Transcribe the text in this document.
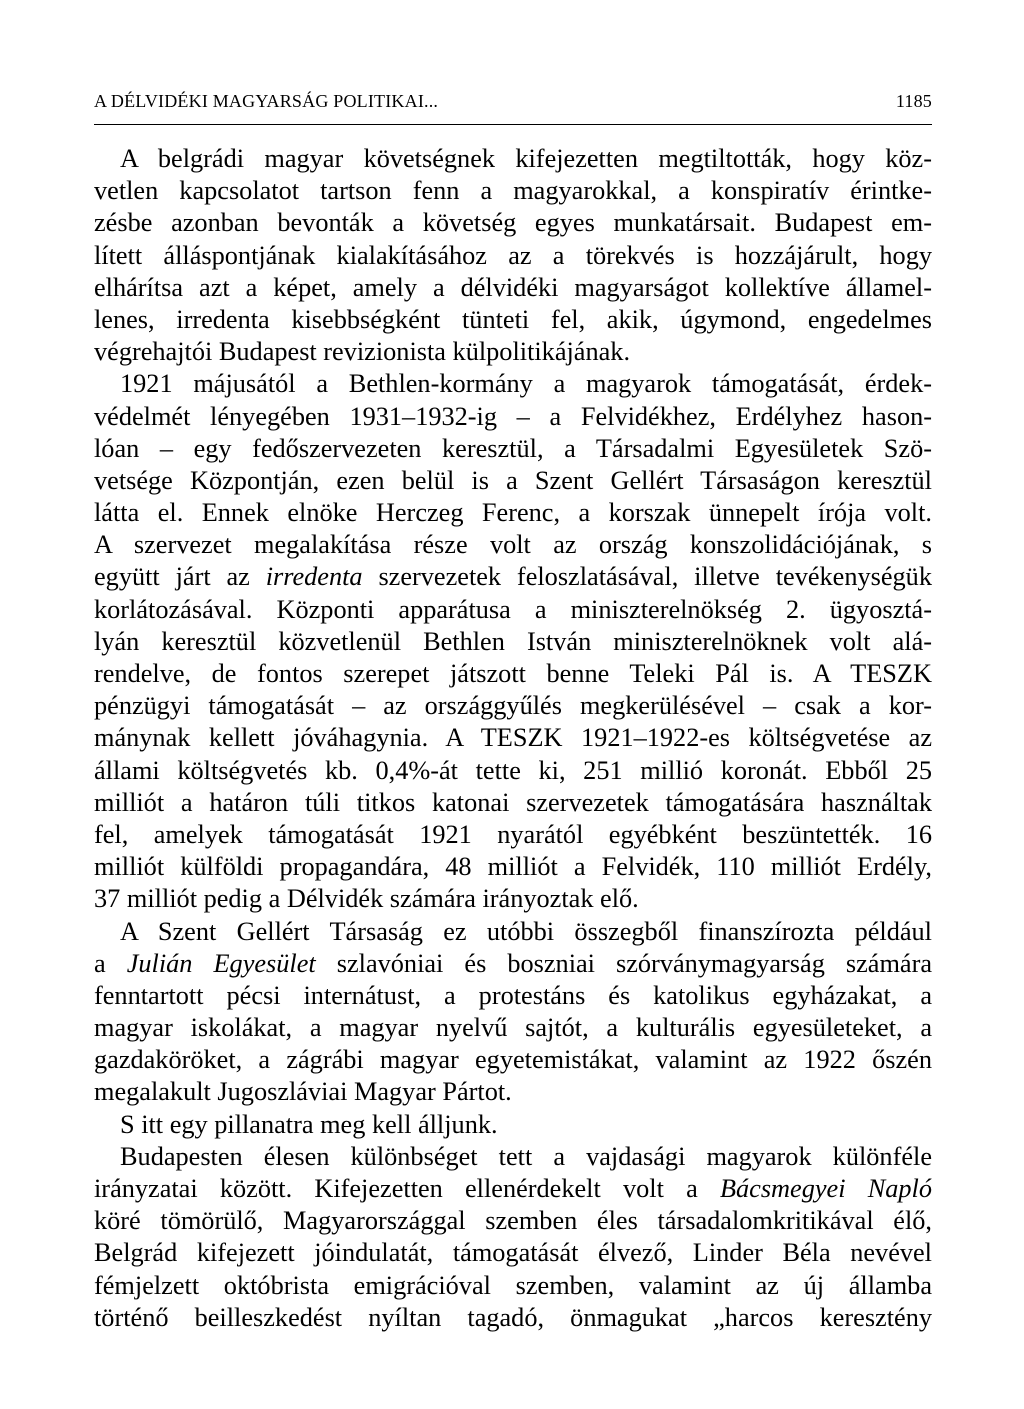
A DÉLVIDÉKI MAGYARSÁG POLITIKAI...	1185
A belgrádi magyar követségnek kifejezetten megtiltották, hogy köz-
vetlen kapcsolatot tartson fenn a magyarokkal, a konspiratív érintke-
zésbe azonban bevonták a követség egyes munkatársait. Budapest em-
lített álláspontjának kialakításához az a törekvés is hozzájárult, hogy
elhárítsa azt a képet, amely a délvidéki magyarságot kollektíve államel-
lenes, irredenta kisebbségként tünteti fel, akik, úgymond, engedelmes
végrehajtói Budapest revizionista külpolitikájának.
1921 májusától a Bethlen-kormány a magyarok támogatását, érdek-
védelmét lényegében 1931–1932-ig – a Felvidékhez, Erdélyhez hason-
lóan – egy fedőszervezeten keresztül, a Társadalmi Egyesületek Szö-
vetsége Központján, ezen belül is a Szent Gellért Társaságon keresztül
látta el. Ennek elnöke Herczeg Ferenc, a korszak ünnepelt írója volt.
A szervezet megalakítása része volt az ország konszolidációjának, s
együtt járt az irredenta szervezetek feloszlatásával, illetve tevékenységük
korlátozásával. Központi apparátusa a miniszterelnökség 2. ügyosztá-
lyán keresztül közvetlenül Bethlen István miniszterelnöknek volt alá-
rendelve, de fontos szerepet játszott benne Teleki Pál is. A TESZK
pénzügyi támogatását – az országgyűlés megkerülésével – csak a kor-
mánynak kellett jóváhagynia. A TESZK 1921–1922-es költségvetése az
állami költségvetés kb. 0,4%-át tette ki, 251 millió koronát. Ebből 25
milliót a határon túli titkos katonai szervezetek támogatására használtak
fel, amelyek támogatását 1921 nyarától egyébként beszüntették. 16
milliót külföldi propagandára, 48 milliót a Felvidék, 110 milliót Erdély,
37 milliót pedig a Délvidék számára irányoztak elő.
A Szent Gellért Társaság ez utóbbi összegből finanszírozta például
a Julián Egyesület szlavóniai és boszniai szórványmagyarság számára
fenntartott pécsi internátust, a protestáns és katolikus egyházakat, a
magyar iskolákat, a magyar nyelvű sajtót, a kulturális egyesületeket, a
gazdaköröket, a zágrábi magyar egyetemistákat, valamint az 1922 őszén
megalakult Jugoszláviai Magyar Pártot.
S itt egy pillanatra meg kell álljunk.
Budapesten élesen különbséget tett a vajdasági magyarok különféle
irányzatai között. Kifejezetten ellenérdekelt volt a Bácsmegyei Napló
köré tömörülő, Magyarországgal szemben éles társadalomkritikával élő,
Belgrád kifejezett jóindulatát, támogatását élvező, Linder Béla nevével
fémjelzett októbrista emigrációval szemben, valamint az új államba
történő beilleszkedést nyíltan tagadó, önmagukat „harcos keresztény
